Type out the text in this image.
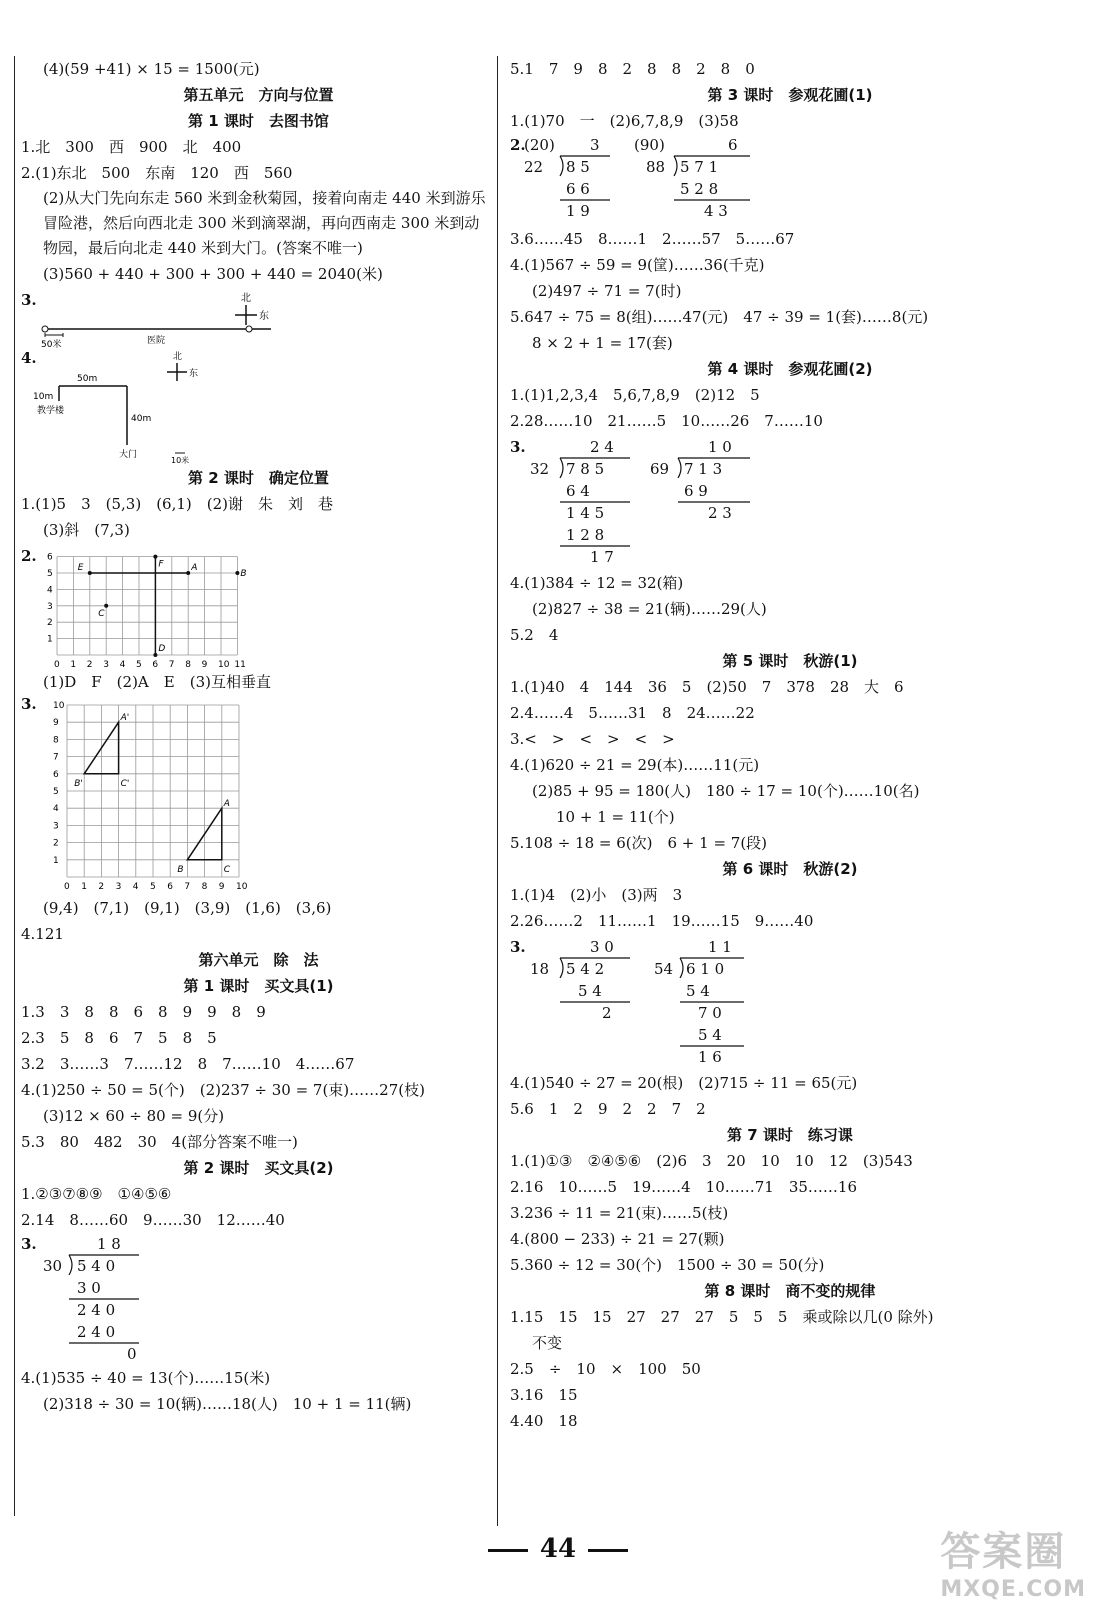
(4)(59 +41) × 15 = 1500(元)
第五单元　方向与位置
第 1 课时　去图书馆
1.北　300　西　900　北　400
2.(1)东北　500　东南　120　西　560
(2)从大门先向东走 560 米到金秋菊园，接着向南走 440 米到游乐冒险港，然后向西北走 300 米到滴翠湖，再向西南走 300 米到动物园，最后向北走 440 米到大门。(答案不唯一)
(3)560 + 440 + 300 + 300 + 440 = 2040(米)
3.	北
东
50米	医院
4.
50m
10m
40m
教学楼
大门
10米
北
东
第 2 课时　确定位置
1.(1)5　3　(5,3)　(6,1)　(2)谢　朱　刘　巷
(3)斜　(7,3)
2.
0 1 2 3 4 5 6 7 8 9 10 11
1
2
3
4
5
6
E	A
F
B
C
D
(1)D　F　(2)A　E　(3)互相垂直
3.
0 1 2 3 4 5 6 7 8 9 10
1
2
3
4
5
6
7
8
9
10
A'
B'	C'
A
B	C
(9,4)　(7,1)　(9,1)　(3,9)　(1,6)　(3,6)
4.121
第六单元　除　法
第 1 课时　买文具(1)
1.3　3　8　8　6　8　9　9　8　9
2.3　5　8　6　7　5　8　5
3.2　3……3　7……12　8　7……10　4……67
4.(1)250 ÷ 50 = 5(个)　(2)237 ÷ 30 = 7(束)……27(枝)
(3)12 × 60 ÷ 80 = 9(分)
5.3　80　482　30　4(部分答案不唯一)
第 2 课时　买文具(2)
1.②③⑦⑧⑨　①④⑤⑥
2.14　8……60　9……30　12……40
3.	1 8
30 5 4 0
3 0
2 4 0
2 4 0
0
4.(1)535 ÷ 40 = 13(个)……15(米)
(2)318 ÷ 30 = 10(辆)……18(人)　10 + 1 = 11(辆)
5.1　7　9　8　2　8　8　2　8　0
第 3 课时　参观花圃(1)
1.(1)70　一　(2)6,7,8,9　(3)58
2.
(20) 3
22 8 5
6 6
1 9
(90)	6
88 5 7 1
5 2 8
4 3
3.6……45　8……1　2……57　5……67
4.(1)567 ÷ 59 = 9(筐)……36(千克)
(2)497 ÷ 71 = 7(时)
5.647 ÷ 75 = 8(组)……47(元)　47 ÷ 39 = 1(套)……8(元)
8 × 2 + 1 = 17(套)
第 4 课时　参观花圃(2)
1.(1)1,2,3,4　5,6,7,8,9　(2)12　5
2.28……10　21……5　10……26　7……10
3.	2 4
32 7 8 5
6 4
1 4 5
1 2 8
1 7
1 0
69 7 1 3
6 9
2 3
4.(1)384 ÷ 12 = 32(箱)
(2)827 ÷ 38 = 21(辆)……29(人)
5.2　4
第 5 课时　秋游(1)
1.(1)40　4　144　36　5　(2)50　7　378　28　大　6
2.4……4　5……31　8　24……22
3.<　>　<　>　<　>
4.(1)620 ÷ 21 = 29(本)……11(元)
(2)85 + 95 = 180(人)　180 ÷ 17 = 10(个)……10(名)
10 + 1 = 11(个)
5.108 ÷ 18 = 6(次)　6 + 1 = 7(段)
第 6 课时　秋游(2)
1.(1)4　(2)小　(3)两　3
2.26……2　11……1　19……15　9……40
3.	3 0
18 5 4 2
5 4
2
1 1
54 6 1 0
5 4
7 0
5 4
1 6
4.(1)540 ÷ 27 = 20(根)　(2)715 ÷ 11 = 65(元)
5.6　1　2　9　2　2　7　2
第 7 课时　练习课
1.(1)①③　②④⑤⑥　(2)6　3　20　10　10　12　(3)543
2.16　10……5　19……4　10……71　35……16
3.236 ÷ 11 = 21(束)……5(枝)
4.(800 − 233) ÷ 21 = 27(颗)
5.360 ÷ 12 = 30(个)　1500 ÷ 30 = 50(分)
第 8 课时　商不变的规律
1.15　15　15　27　27　27　5　5　5　乘或除以几(0 除外)
不变
2.5　÷　10　×　100　50
3.16　15
4.40　18
44	答案圈
MXQE.COM
